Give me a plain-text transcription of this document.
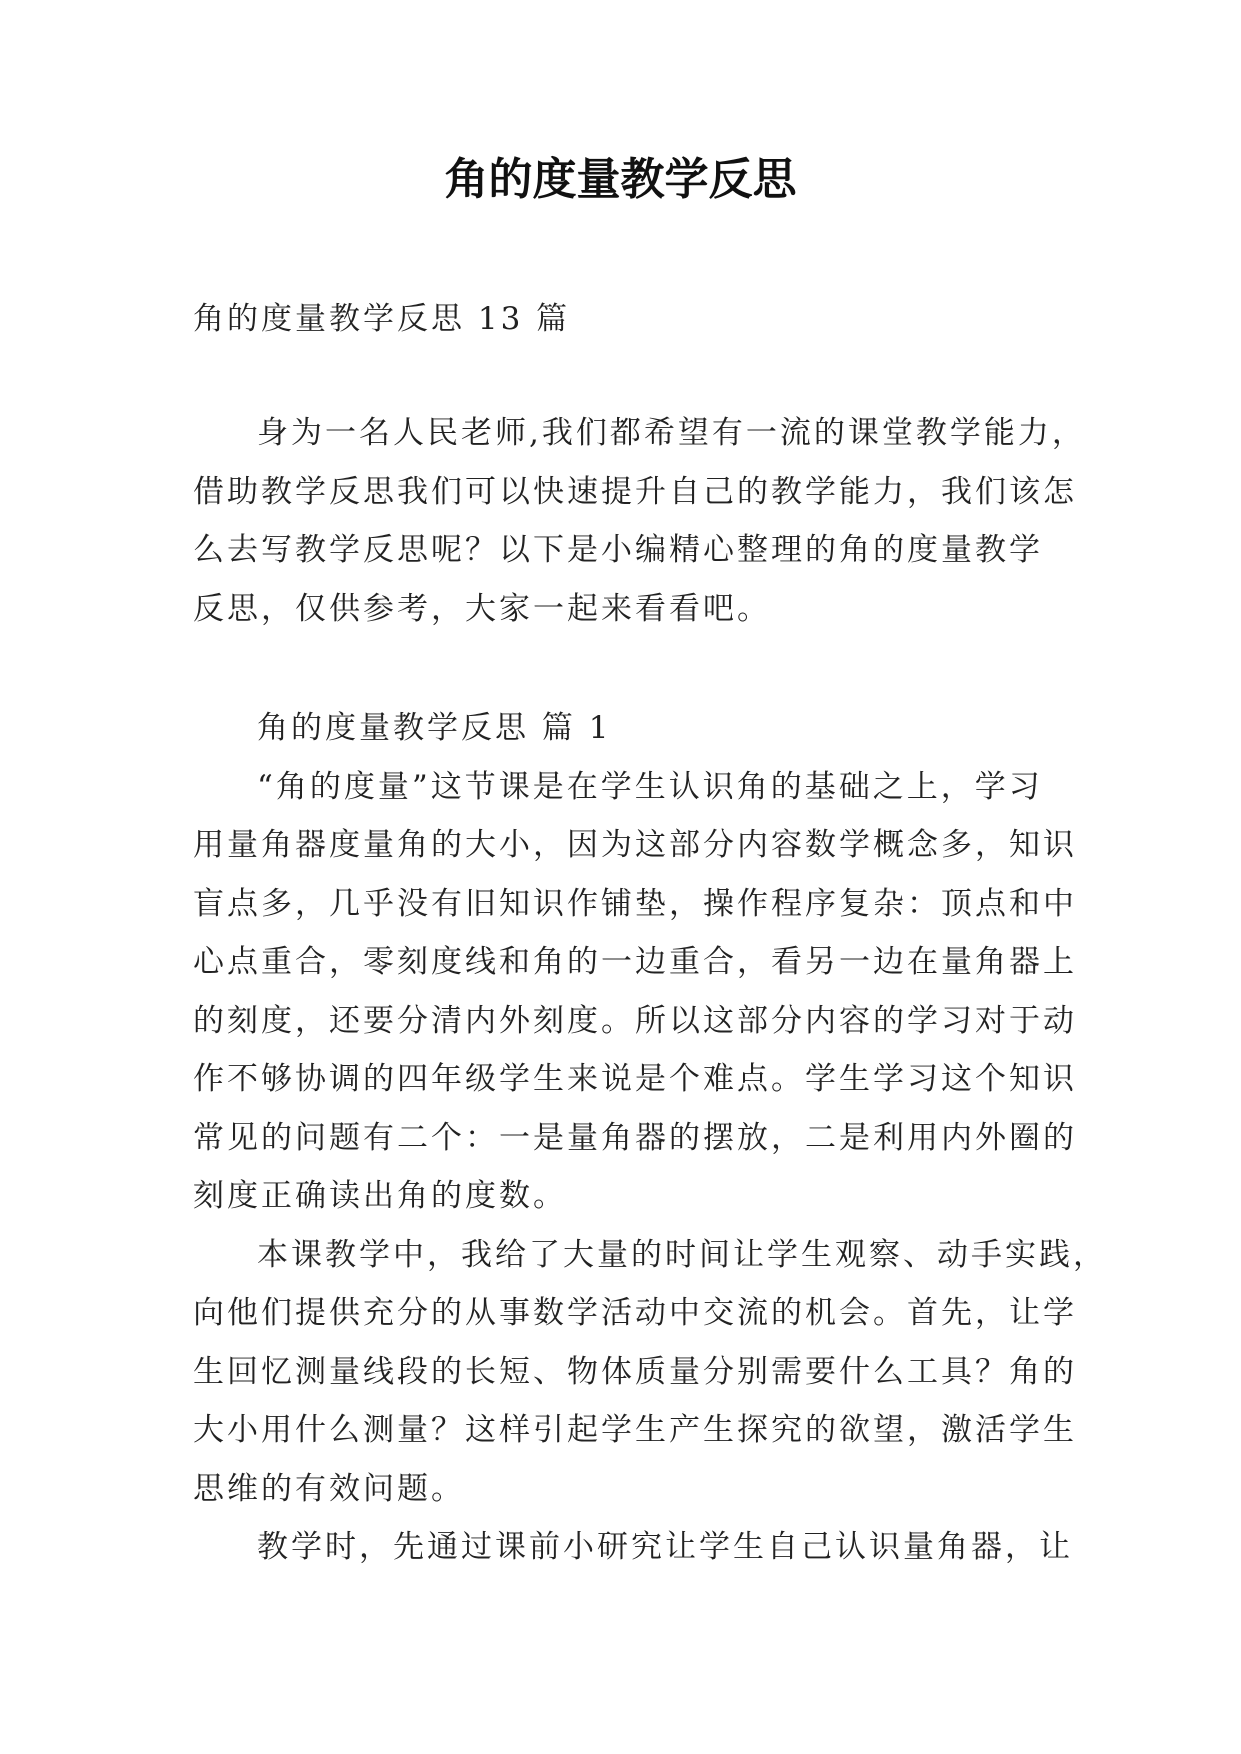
角的度量教学反思

角的度量教学反思 13 篇

身为一名人民老师,我们都希望有一流的课堂教学能力，
借助教学反思我们可以快速提升自己的教学能力，我们该怎
么去写教学反思呢？以下是小编精心整理的角的度量教学
反思，仅供参考，大家一起来看看吧。
角的度量教学反思 篇 1
“角的度量”这节课是在学生认识角的基础之上，学习
用量角器度量角的大小，因为这部分内容数学概念多，知识
盲点多，几乎没有旧知识作铺垫，操作程序复杂：顶点和中
心点重合，零刻度线和角的一边重合，看另一边在量角器上
的刻度，还要分清内外刻度。所以这部分内容的学习对于动
作不够协调的四年级学生来说是个难点。学生学习这个知识
常见的问题有二个：一是量角器的摆放，二是利用内外圈的
刻度正确读出角的度数。
本课教学中，我给了大量的时间让学生观察、动手实践，
向他们提供充分的从事数学活动中交流的机会。首先，让学
生回忆测量线段的长短、物体质量分别需要什么工具？角的
大小用什么测量？这样引起学生产生探究的欲望，激活学生
思维的有效问题。
教学时，先通过课前小研究让学生自己认识量角器，让
